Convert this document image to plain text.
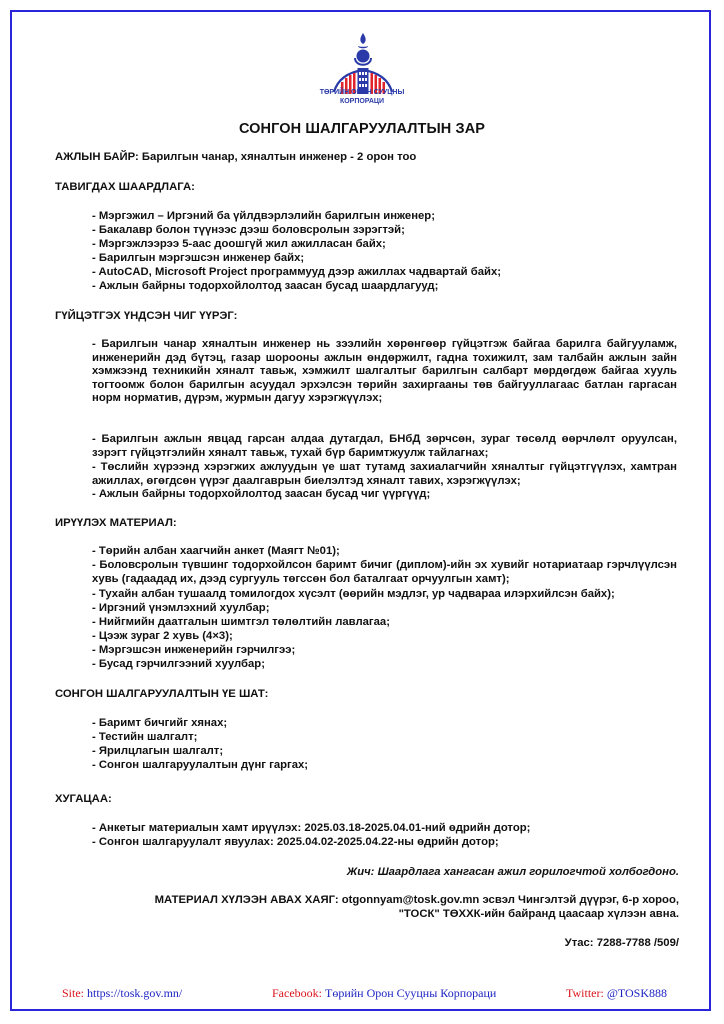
ТӨРИЙН ОРОН СУУЦНЫ
КОРПОРАЦИ
СОНГОН ШАЛГАРУУЛАЛТЫН ЗАР
АЖЛЫН БАЙР: Барилгын чанар, хяналтын инженер - 2 орон тоо
ТАВИГДАХ ШААРДЛАГА:
- Мэргэжил – Иргэний ба үйлдвэрлэлийн барилгын инженер;
- Бакалавр болон түүнээс дээш боловсролын зэрэгтэй;
- Мэргэжлээрээ 5-аас доошгүй жил ажилласан байх;
- Барилгын мэргэшсэн инженер байх;
- AutoCAD, Microsoft Project программууд дээр ажиллах чадвартай байх;
- Ажлын байрны тодорхойлолтод заасан бусад шаардлагууд;
ГҮЙЦЭТГЭХ ҮНДСЭН ЧИГ ҮҮРЭГ:
- Барилгын чанар хяналтын инженер нь зээлийн хөрөнгөөр гүйцэтгэж байгаа барилга байгууламж, инженерийн дэд бүтэц, газар шорооны ажлын өндөржилт, гадна тохижилт, зам талбайн ажлын зайн хэмжээнд техникийн хяналт тавьж, хэмжилт шалгалтыг барилгын салбарт мөрдөгдөж байгаа хууль тогтоомж болон барилгын асуудал эрхэлсэн төрийн захиргааны төв байгууллагаас батлан гаргасан норм норматив, дүрэм, журмын дагуу хэрэгжүүлэх;
- Барилгын ажлын явцад гарсан алдаа дутагдал, БНбД зөрчсөн, зураг төсөлд өөрчлөлт оруулсан, зэрэгт гүйцэтгэлийн хяналт тавьж, тухай бүр баримтжуулж тайлагнах;
- Төслийн хүрээнд хэрэгжих ажлуудын үе шат тутамд захиалагчийн хяналтыг гүйцэтгүүлэх, хамтран ажиллах, өгөгдсөн үүрэг даалгаврын биелэлтэд хяналт тавих, хэрэгжүүлэх;
- Ажлын байрны тодорхойлолтод заасан бусад чиг үүргүүд;
ИРҮҮЛЭХ МАТЕРИАЛ:
- Төрийн албан хаагчийн анкет (Маягт №01);
- Боловсролын түвшинг тодорхойлсон баримт бичиг (диплом)-ийн эх хувийг нотариатаар гэрчлүүлсэн хувь (гадаадад их, дээд сургууль төгссөн бол баталгаат орчуулгын хамт);
- Тухайн албан тушаалд томилогдох хүсэлт (өөрийн мэдлэг, ур чадвараа илэрхийлсэн байх);
- Иргэний үнэмлэхний хуулбар;
- Нийгмийн даатгалын шимтгэл төлөлтийн лавлагаа;
- Цээж зураг 2 хувь (4×3);
- Мэргэшсэн инженерийн гэрчилгээ;
- Бусад гэрчилгээний хуулбар;
СОНГОН ШАЛГАРУУЛАЛТЫН ҮЕ ШАТ:
- Баримт бичгийг хянах;
- Тестийн шалгалт;
- Ярилцлагын шалгалт;
- Сонгон шалгаруулалтын дүнг гаргах;
ХУГАЦАА:
- Анкетыг материалын хамт ирүүлэх: 2025.03.18-2025.04.01-ний өдрийн дотор;
- Сонгон шалгаруулалт явуулах: 2025.04.02-2025.04.22-ны өдрийн дотор;
Жич: Шаардлага хангасан ажил горилогчтой холбогдоно.
МАТЕРИАЛ ХҮЛЭЭН АВАХ ХАЯГ: otgonnyam@tosk.gov.mn эсвэл Чингэлтэй дүүрэг, 6-р хороо,
"ТОСК" ТӨХХК-ийн байранд цаасаар хүлээн авна.
Утас: 7288-7788 /509/
Site: https://tosk.gov.mn/	Facebook: Төрийн Орон Сууцны Корпораци	Twitter: @TOSK888
